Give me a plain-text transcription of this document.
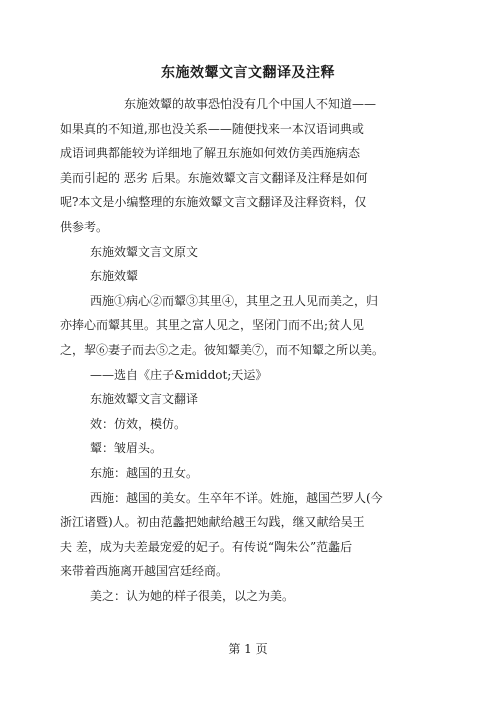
东施效颦文言文翻译及注释
东施效颦的故事恐怕没有几个中国人不知道——
如果真的不知道,那也没关系——随便找来一本汉语词典或
成语词典都能较为详细地了解丑东施如何效仿美西施病态
美而引起的 恶劣 后果。东施效颦文言文翻译及注释是如何
呢?本文是小编整理的东施效颦文言文翻译及注释资料，仅
供参考。
东施效颦文言文原文
东施效颦
西施①病心②而颦③其里④，其里之丑人见而美之，归
亦捧心而颦其里。其里之富人见之，坚闭门而不出;贫人见
之，挈⑥妻子而去⑤之走。彼知颦美⑦，而不知颦之所以美。
——选自《庄子&middot;天运》
东施效颦文言文翻译
效：仿效，模仿。
颦：皱眉头。
东施：越国的丑女。
西施：越国的美女。生卒年不详。姓施，越国苎罗人(今
浙江诸暨)人。初由范蠡把她献给越王勾践，继又献给吴王
夫 差，成为夫差最宠爱的妃子。有传说“陶朱公”范蠡后
来带着西施离开越国宫廷经商。
美之：认为她的样子很美，以之为美。
第 1 页
